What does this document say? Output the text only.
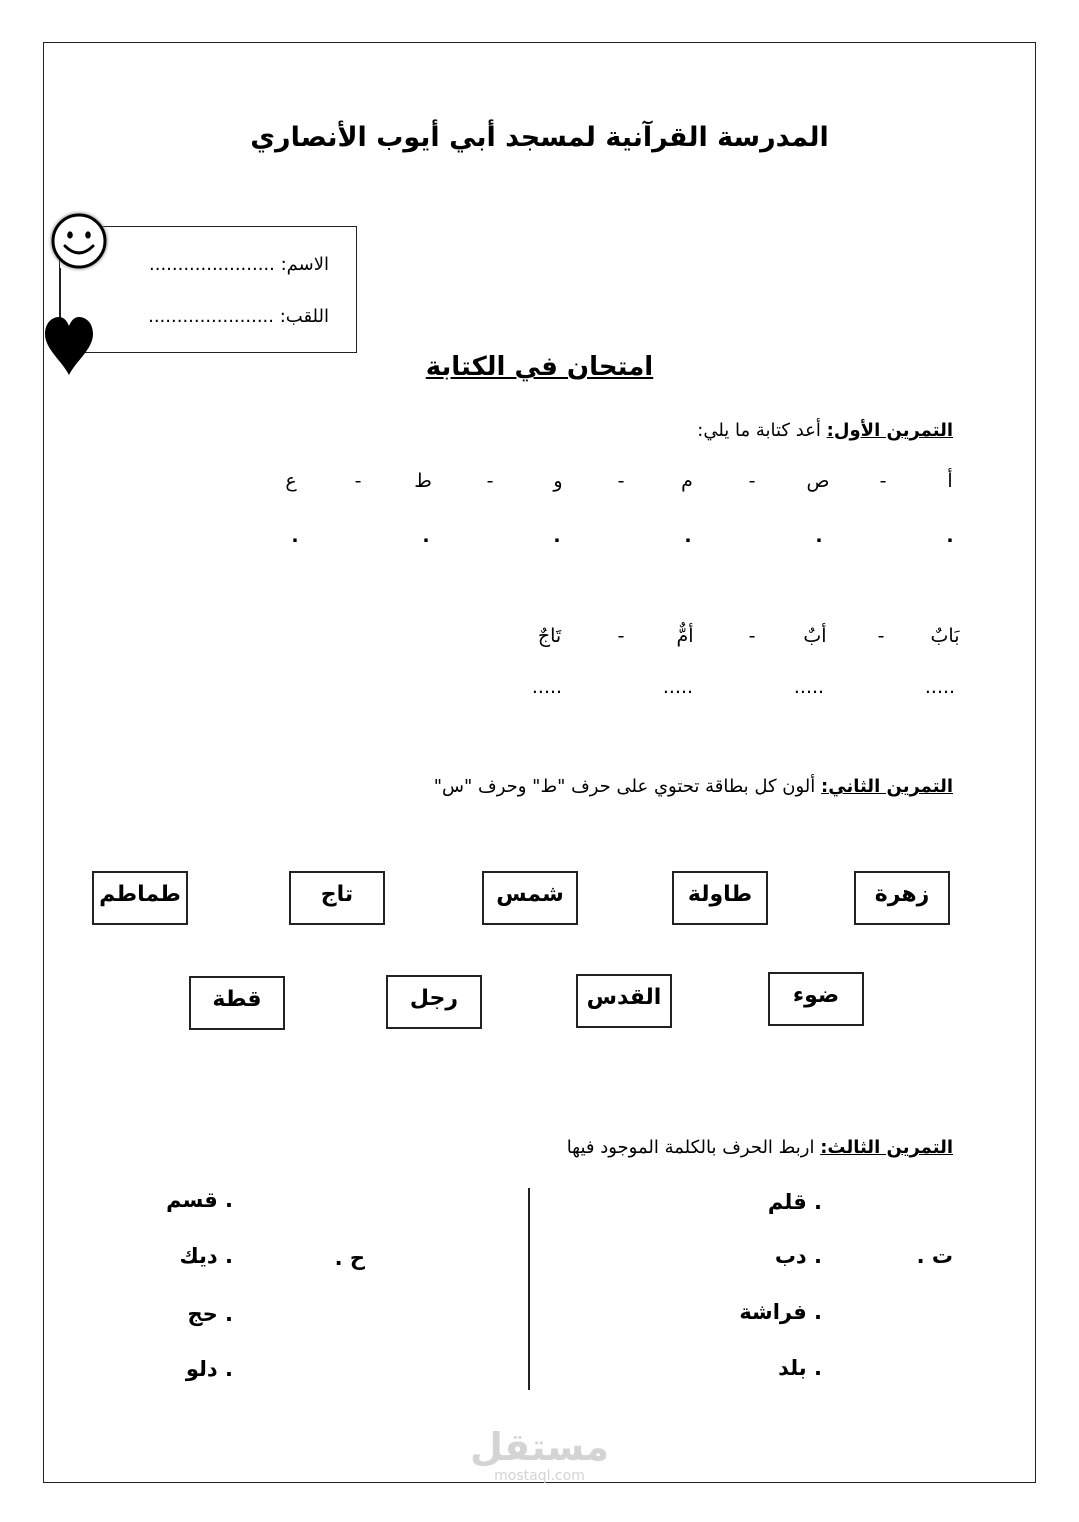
المدرسة القرآنية لمسجد أبي أيوب الأنصاري
الاسم: ......................
اللقب: ......................
امتحان في الكتابة
التمرين الأول: أعد كتابة ما يلي:
أ
-
ص
-
م
-
و
-
ط
-
ع
.
.
.
.
.
.
بَابٌ
-
أبٌ
-
أمٌّ
-
تَاجٌ
.....
.....
.....
.....
التمرين الثاني: ألون كل بطاقة تحتوي على حرف "ط" وحرف "س"
زهرة
طاولة
شمس
تاج
طماطم
ضوء
القدس
رجل
قطة
التمرين الثالث: اربط الحرف بالكلمة الموجود فيها
ت .
. قلم
. دب
. فراشة
. بلد
ح .
. قسم
. ديك
. حج
. دلو
مستقل
mostaql.com
